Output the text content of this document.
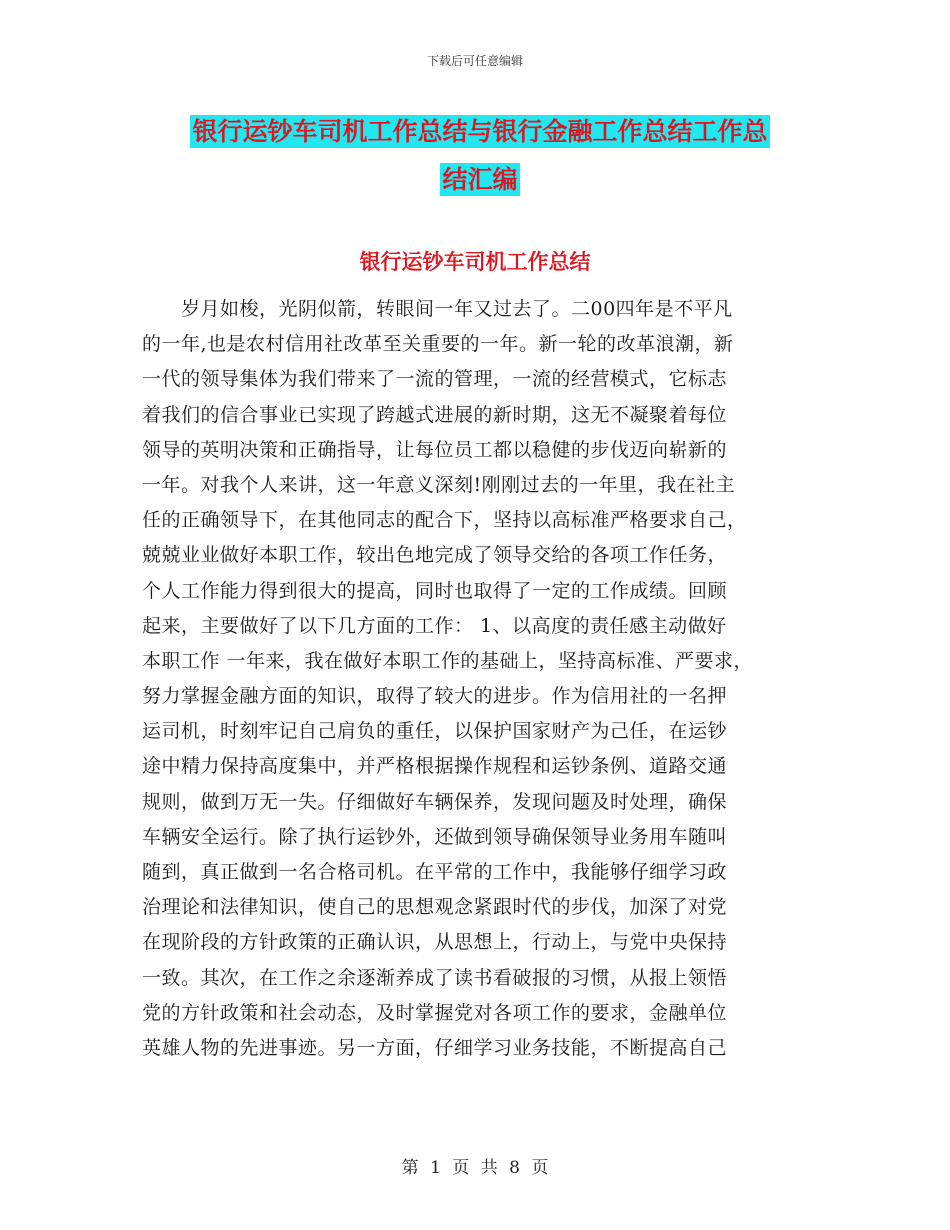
下载后可任意编辑
银行运钞车司机工作总结与银行金融工作总结工作总
结汇编
银行运钞车司机工作总结
　　岁月如梭，光阴似箭，转眼间一年又过去了。二00四年是不平凡
的一年,也是农村信用社改革至关重要的一年。新一轮的改革浪潮，新
一代的领导集体为我们带来了一流的管理，一流的经营模式，它标志
着我们的信合事业已实现了跨越式进展的新时期，这无不凝聚着每位
领导的英明决策和正确指导，让每位员工都以稳健的步伐迈向崭新的
一年。对我个人来讲，这一年意义深刻!刚刚过去的一年里，我在社主
任的正确领导下，在其他同志的配合下，坚持以高标准严格要求自己，
兢兢业业做好本职工作，较出色地完成了领导交给的各项工作任务，
个人工作能力得到很大的提高，同时也取得了一定的工作成绩。回顾
起来，主要做好了以下几方面的工作： 1、以高度的责任感主动做好
本职工作 一年来，我在做好本职工作的基础上，坚持高标准、严要求，
努力掌握金融方面的知识，取得了较大的进步。作为信用社的一名押
运司机，时刻牢记自己肩负的重任，以保护国家财产为己任，在运钞
途中精力保持高度集中，并严格根据操作规程和运钞条例、道路交通
规则，做到万无一失。仔细做好车辆保养，发现问题及时处理，确保
车辆安全运行。除了执行运钞外，还做到领导确保领导业务用车随叫
随到，真正做到一名合格司机。在平常的工作中，我能够仔细学习政
治理论和法律知识，使自己的思想观念紧跟时代的步伐，加深了对党
在现阶段的方针政策的正确认识，从思想上，行动上，与党中央保持
一致。其次，在工作之余逐渐养成了读书看破报的习惯，从报上领悟
党的方针政策和社会动态，及时掌握党对各项工作的要求，金融单位
英雄人物的先进事迹。另一方面，仔细学习业务技能，不断提高自己
第 1 页 共 8 页
